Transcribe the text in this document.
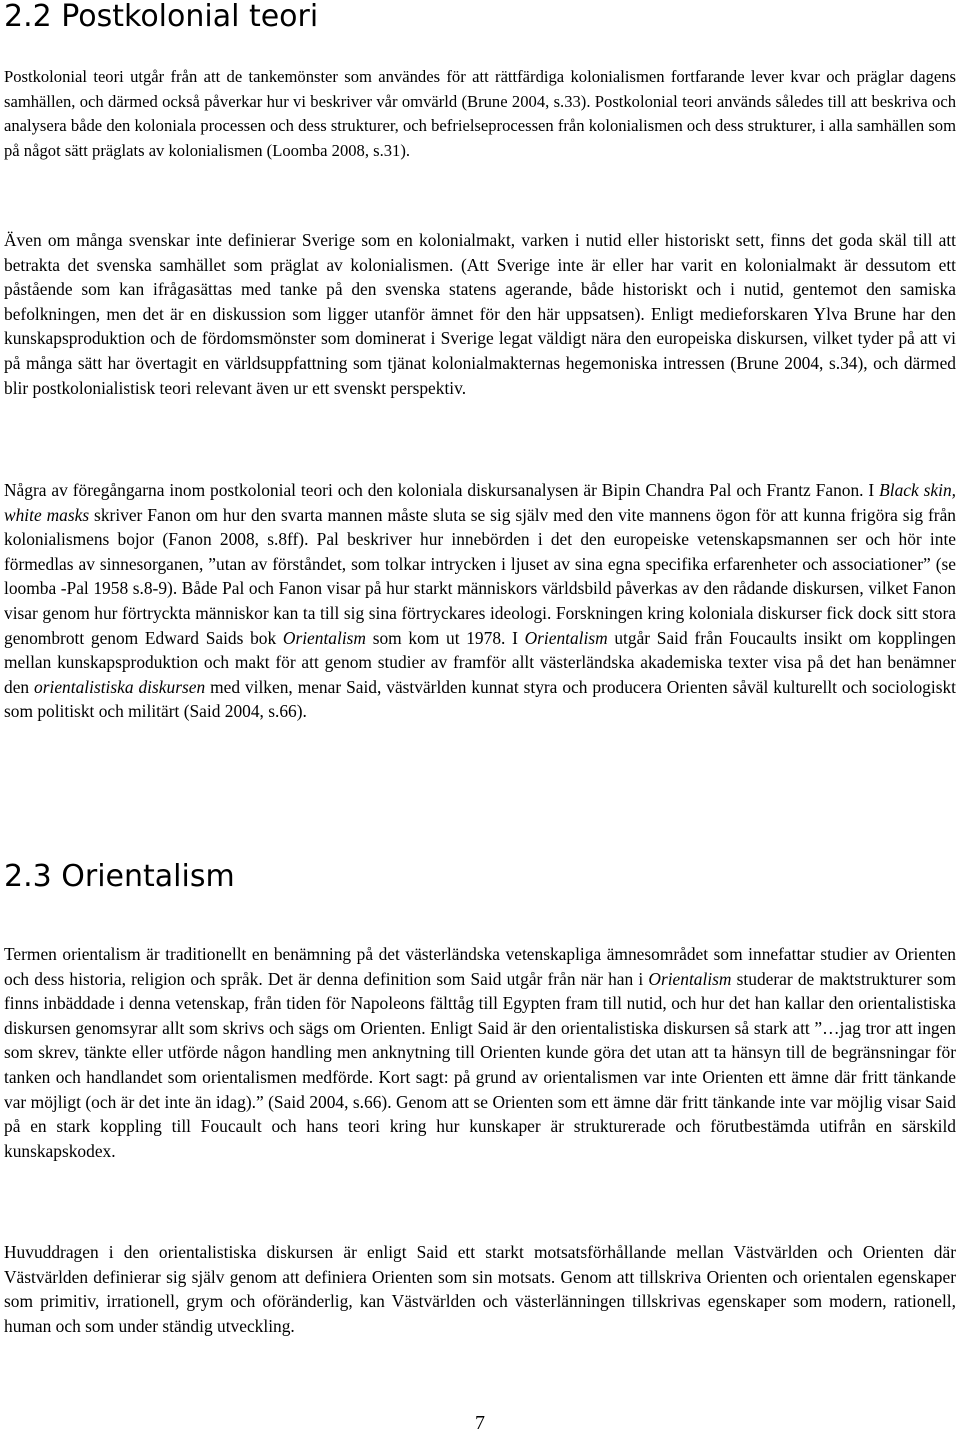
2.2 Postkolonial teori

Postkolonial teori utgår från att de tankemönster som användes för att rättfärdiga kolonialismen fortfarande lever kvar och präglar dagens samhällen, och därmed också påverkar hur vi beskriver vår omvärld (Brune 2004, s.33). Postkolonial teori används således till att beskriva och analysera både den koloniala processen och dess strukturer, och befrielseprocessen från kolonialismen och dess strukturer, i alla samhällen som på något sätt präglats av kolonialismen (Loomba 2008, s.31).

Även om många svenskar inte definierar Sverige som en kolonialmakt, varken i nutid eller historiskt sett, finns det goda skäl till att betrakta det svenska samhället som präglat av kolonialismen. (Att Sverige inte är eller har varit en kolonialmakt är dessutom ett påstående som kan ifrågasättas med tanke på den svenska statens agerande, både historiskt och i nutid, gentemot den samiska befolkningen, men det är en diskussion som ligger utanför ämnet för den här uppsatsen). Enligt medieforskaren Ylva Brune har den kunskapsproduktion och de fördomsmönster som dominerat i Sverige legat väldigt nära den europeiska diskursen, vilket tyder på att vi på många sätt har övertagit en världsuppfattning som tjänat kolonialmakternas hegemoniska intressen (Brune 2004, s.34), och därmed blir postkolonialistisk teori relevant även ur ett svenskt perspektiv.

Några av föregångarna inom postkolonial teori och den koloniala diskursanalysen är Bipin Chandra Pal och Frantz Fanon. I Black skin, white masks skriver Fanon om hur den svarta mannen måste sluta se sig själv med den vite mannens ögon för att kunna frigöra sig från kolonialismens bojor (Fanon 2008, s.8ff). Pal beskriver hur innebörden i det den europeiske vetenskapsmannen ser och hör inte förmedlas av sinnesorganen, ”utan av förståndet, som tolkar intrycken i ljuset av sina egna specifika erfarenheter och associationer” (se loomba -Pal 1958 s.8-9). Både Pal och Fanon visar på hur starkt människors världsbild påverkas av den rådande diskursen, vilket Fanon visar genom hur förtryckta människor kan ta till sig sina förtryckares ideologi. Forskningen kring koloniala diskurser fick dock sitt stora genombrott genom Edward Saids bok Orientalism som kom ut 1978. I Orientalism utgår Said från Foucaults insikt om kopplingen mellan kunskapsproduktion och makt för att genom studier av framför allt västerländska akademiska texter visa på det han benämner den orientalistiska diskursen med vilken, menar Said, västvärlden kunnat styra och producera Orienten såväl kulturellt och sociologiskt som politiskt och militärt (Said 2004, s.66).

2.3 Orientalism

Termen orientalism är traditionellt en benämning på det västerländska vetenskapliga ämnesområdet som innefattar studier av Orienten och dess historia, religion och språk. Det är denna definition som Said utgår från när han i Orientalism studerar de maktstrukturer som finns inbäddade i denna vetenskap, från tiden för Napoleons fälttåg till Egypten fram till nutid, och hur det han kallar den orientalistiska diskursen genomsyrar allt som skrivs och sägs om Orienten. Enligt Said är den orientalistiska diskursen så stark att ”…jag tror att ingen som skrev, tänkte eller utförde någon handling men anknytning till Orienten kunde göra det utan att ta hänsyn till de begränsningar för tanken och handlandet som orientalismen medförde. Kort sagt: på grund av orientalismen var inte Orienten ett ämne där fritt tänkande var möjligt (och är det inte än idag).” (Said 2004, s.66). Genom att se Orienten som ett ämne där fritt tänkande inte var möjlig visar Said på en stark koppling till Foucault och hans teori kring hur kunskaper är strukturerade och förutbestämda utifrån en särskild kunskapskodex.

Huvuddragen i den orientalistiska diskursen är enligt Said ett starkt motsatsförhållande mellan Västvärlden och Orienten där Västvärlden definierar sig själv genom att definiera Orienten som sin motsats. Genom att tillskriva Orienten och orientalen egenskaper som primitiv, irrationell, grym och oföränderlig, kan Västvärlden och västerlänningen tillskrivas egenskaper som modern, rationell, human och som under ständig utveckling.

7
